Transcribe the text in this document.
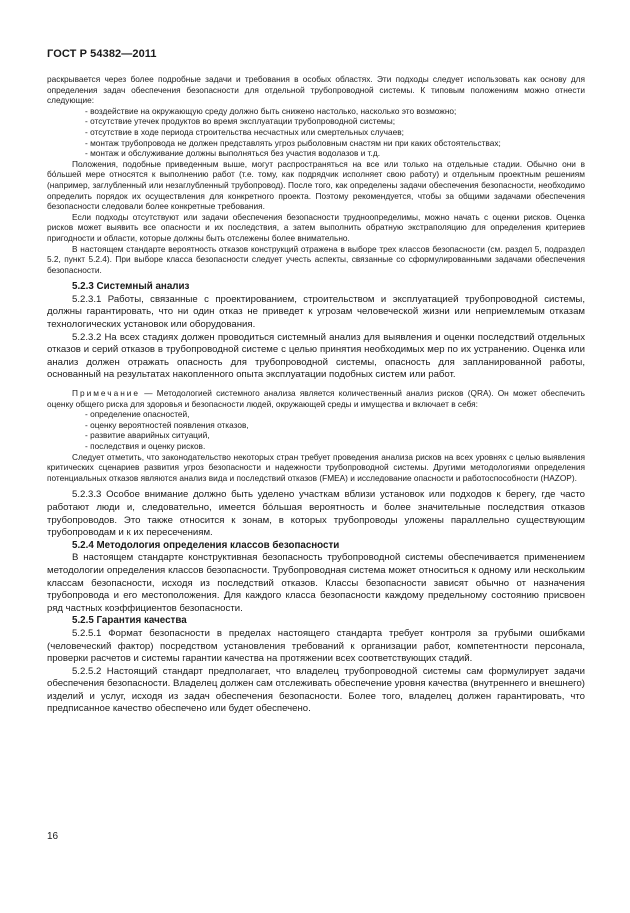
ГОСТ Р 54382—2011

раскрывается через более подробные задачи и требования в особых областях. Эти подходы следует использовать как основу для определения задач обеспечения безопасности для отдельной трубопроводной системы. К типовым положениям можно отнести следующие:

- воздействие на окружающую среду должно быть снижено настолько, насколько это возможно;
- отсутствие утечек продуктов во время эксплуатации трубопроводной системы;
- отсутствие в ходе периода строительства несчастных или смертельных случаев;
- монтаж трубопровода не должен представлять угроз рыболовным снастям ни при каких обстоятельствах;
- монтаж и обслуживание должны выполняться без участия водолазов и т.д.

Положения, подобные приведенным выше, могут распространяться на все или только на отдельные стадии. Обычно они в бо́льшей мере относятся к выполнению работ (т.е. тому, как подрядчик исполняет свою работу) и отдельным проектным решениям (например, заглубленный или незаглубленный трубопровод). После того, как определены задачи обеспечения безопасности, необходимо определить порядок их осуществления для конкретного проекта. Поэтому рекомендуется, чтобы за общими задачами обеспечения безопасности следовали более конкретные требования.

Если подходы отсутствуют или задачи обеспечения безопасности трудноопределимы, можно начать с оценки рисков. Оценка рисков может выявить все опасности и их последствия, а затем выполнить обратную экстраполяцию для определения критериев пригодности и области, которые должны быть отслежены более внимательно.

В настоящем стандарте вероятность отказов конструкций отражена в выборе трех классов безопасности (см. раздел 5, подраздел 5.2, пункт 5.2.4). При выборе класса безопасности следует учесть аспекты, связанные со сформулированными задачами обеспечения безопасности.

5.2.3 Системный анализ

5.2.3.1 Работы, связанные с проектированием, строительством и эксплуатацией трубопроводной системы, должны гарантировать, что ни один отказ не приведет к угрозам человеческой жизни или неприемлемым отказам технологических установок или оборудования.

5.2.3.2 На всех стадиях должен проводиться системный анализ для выявления и оценки последствий отдельных отказов и серий отказов в трубопроводной системе с целью принятия необходимых мер по их устранению. Оценка или анализ должен отражать опасность для трубопроводной системы, опасность для запланированной работы, основанный на результатах накопленного опыта эксплуатации подобных систем или работ.

Примечание — Методологией системного анализа является количественный анализ рисков (QRA). Он может обеспечить оценку общего риска для здоровья и безопасности людей, окружающей среды и имущества и включает в себя:

- определение опасностей,
- оценку вероятностей появления отказов,
- развитие аварийных ситуаций,
- последствия и оценку рисков.

Следует отметить, что законодательство некоторых стран требует проведения анализа рисков на всех уровнях с целью выявления критических сценариев развития угроз безопасности и надежности трубопроводной системы. Другими методологиями определения потенциальных отказов являются анализ вида и последствий отказов (FMEA) и исследование опасности и работоспособности (HAZOP).

5.2.3.3 Особое внимание должно быть уделено участкам вблизи установок или подходов к берегу, где часто работают люди и, следовательно, имеется бо́льшая вероятность и более значительные последствия отказов трубопроводов. Это также относится к зонам, в которых трубопроводы уложены параллельно существующим трубопроводам и к их пересечениям.

5.2.4 Методология определения классов безопасности

В настоящем стандарте конструктивная безопасность трубопроводной системы обеспечивается применением методологии определения классов безопасности. Трубопроводная система может относиться к одному или нескольким классам безопасности, исходя из последствий отказов. Классы безопасности зависят обычно от назначения трубопровода и его местоположения. Для каждого класса безопасности каждому предельному состоянию присвоен ряд частных коэффициентов безопасности.

5.2.5 Гарантия качества

5.2.5.1 Формат безопасности в пределах настоящего стандарта требует контроля за грубыми ошибками (человеческий фактор) посредством установления требований к организации работ, компетентности персонала, проверки расчетов и системы гарантии качества на протяжении всех соответствующих стадий.

5.2.5.2 Настоящий стандарт предполагает, что владелец трубопроводной системы сам формулирует задачи обеспечения безопасности. Владелец должен сам отслеживать обеспечение уровня качества (внутреннего и внешнего) изделий и услуг, исходя из задач обеспечения безопасности. Более того, владелец должен гарантировать, что предписанное качество обеспечено или будет обеспечено.

16
